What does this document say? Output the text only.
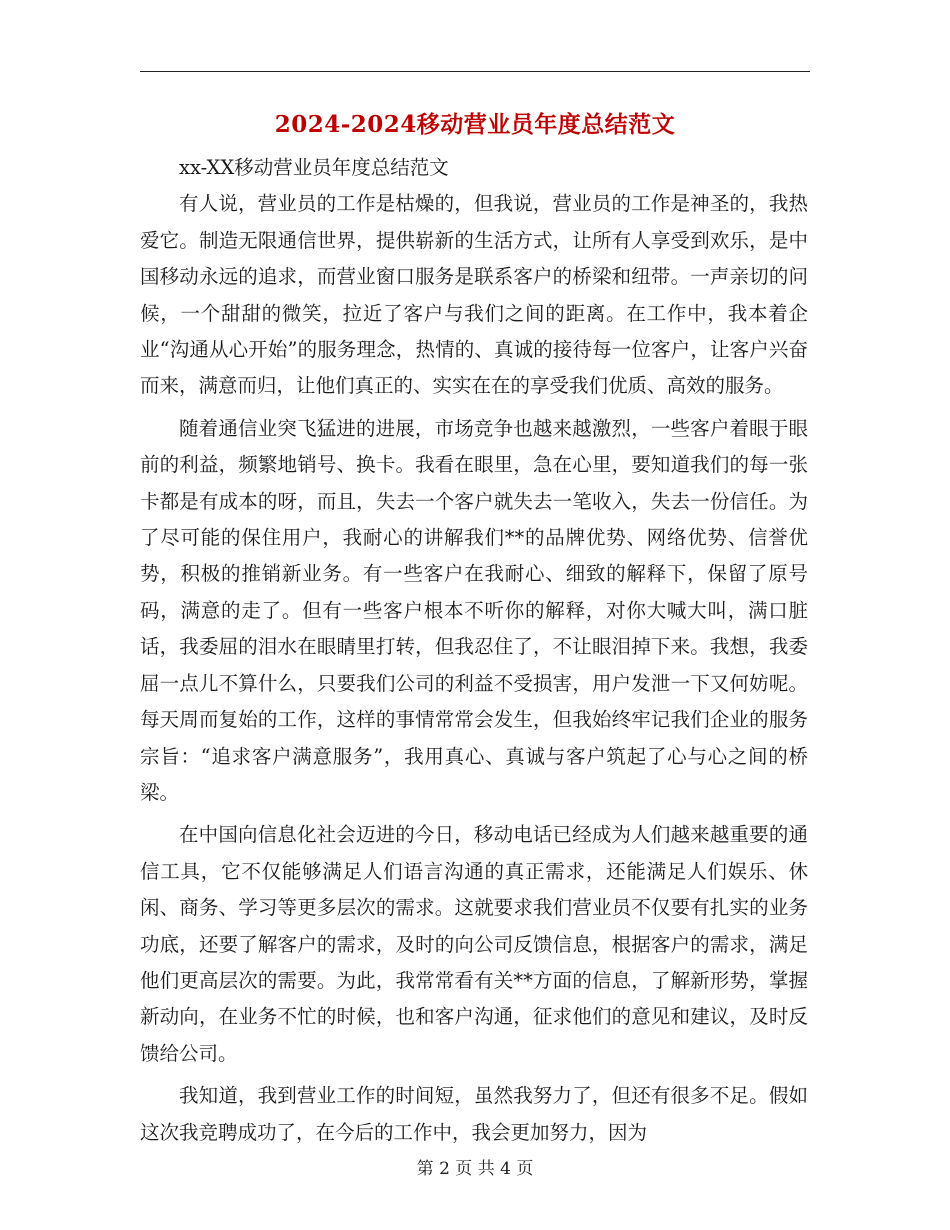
2024-2024移动营业员年度总结范文

xx-XX移动营业员年度总结范文

有人说，营业员的工作是枯燥的，但我说，营业员的工作是神圣的，我热爱它。制造无限通信世界，提供崭新的生活方式，让所有人享受到欢乐，是中国移动永远的追求，而营业窗口服务是联系客户的桥梁和纽带。一声亲切的问候，一个甜甜的微笑，拉近了客户与我们之间的距离。在工作中，我本着企业“沟通从心开始”的服务理念，热情的、真诚的接待每一位客户，让客户兴奋而来，满意而归，让他们真正的、实实在在的享受我们优质、高效的服务。

随着通信业突飞猛进的进展，市场竞争也越来越激烈，一些客户着眼于眼前的利益，频繁地销号、换卡。我看在眼里，急在心里，要知道我们的每一张卡都是有成本的呀，而且，失去一个客户就失去一笔收入，失去一份信任。为了尽可能的保住用户，我耐心的讲解我们**的品牌优势、网络优势、信誉优势，积极的推销新业务。有一些客户在我耐心、细致的解释下，保留了原号码，满意的走了。但有一些客户根本不听你的解释，对你大喊大叫，满口脏话，我委屈的泪水在眼睛里打转，但我忍住了，不让眼泪掉下来。我想，我委屈一点儿不算什么，只要我们公司的利益不受损害，用户发泄一下又何妨呢。每天周而复始的工作，这样的事情常常会发生，但我始终牢记我们企业的服务宗旨：“追求客户满意服务”，我用真心、真诚与客户筑起了心与心之间的桥梁。

在中国向信息化社会迈进的今日，移动电话已经成为人们越来越重要的通信工具，它不仅能够满足人们语言沟通的真正需求，还能满足人们娱乐、休闲、商务、学习等更多层次的需求。这就要求我们营业员不仅要有扎实的业务功底，还要了解客户的需求，及时的向公司反馈信息，根据客户的需求，满足他们更高层次的需要。为此，我常常看有关**方面的信息，了解新形势，掌握新动向，在业务不忙的时候，也和客户沟通，征求他们的意见和建议，及时反馈给公司。

我知道，我到营业工作的时间短，虽然我努力了，但还有很多不足。假如这次我竞聘成功了，在今后的工作中，我会更加努力，因为

第 2 页 共 4 页
